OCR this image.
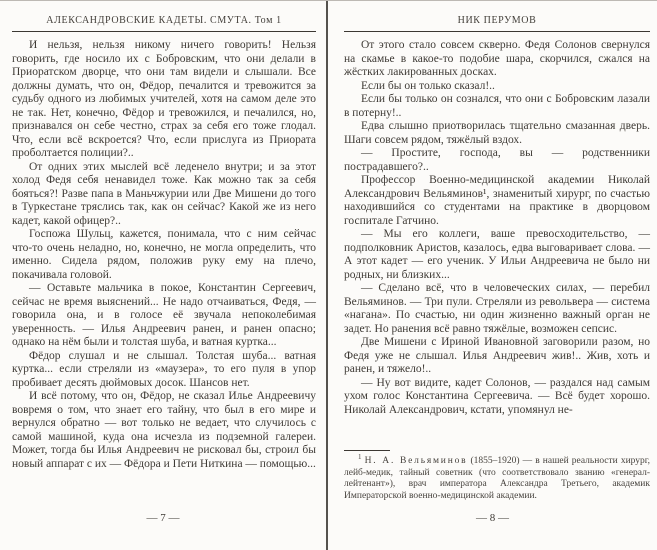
АЛЕКСАНДРОВСКИЕ КАДЕТЫ. СМУТА. Том 1

И нельзя, нельзя никому ничего говорить! Нельзя говорить, где носило их с Бобровским, что они делали в Приоратском дворце, что они там видели и слышали. Все должны думать, что он, Фёдор, печалится и тревожится за судьбу одного из любимых учителей, хотя на самом деле это не так. Нет, конечно, Фёдор и тревожился, и печалился, но, признавался он себе честно, страх за себя его тоже глодал. Что, если всё вскроется? Что, если прислуга из Приората проболтается полиции?..

От одних этих мыслей всё леденело внутри; и за этот холод Федя себя ненавидел тоже. Как можно так за себя бояться?! Разве папа в Маньчжурии или Две Мишени до того в Туркестане тряслись так, как он сейчас? Какой же из него кадет, какой офицер?..

Госпожа Шульц, кажется, понимала, что с ним сейчас что-то очень неладно, но, конечно, не могла определить, что именно. Сидела рядом, положив руку ему на плечо, покачивала головой.

— Оставьте мальчика в покое, Константин Сергеевич, сейчас не время выяснений... Не надо отчаиваться, Федя, — говорила она, и в голосе её звучала непоколебимая уверенность. — Илья Андреевич ранен, и ранен опасно; однако на нём были и толстая шуба, и ватная куртка...

Фёдор слушал и не слышал. Толстая шуба... ватная куртка... если стреляли из «маузера», то его пуля в упор пробивает десять дюймовых досок. Шансов нет.

И всё потому, что он, Фёдор, не сказал Илье Андреевичу вовремя о том, что знает его тайну, что был в его мире и вернулся обратно — вот только не ведает, что случилось с самой машиной, куда она исчезла из подземной галереи. Может, тогда бы Илья Андреевич не рисковал бы, строил бы новый аппарат с их — Фёдора и Пети Ниткина — помощью...

— 7 —
НИК ПЕРУМОВ

От этого стало совсем скверно. Федя Солонов свернулся на скамье в какое-то подобие шара, скорчился, сжался на жёстких лакированных досках.

Если бы он только сказал!..

Если бы только он сознался, что они с Бобровским лазали в потерну!..

Едва слышно приотворилась тщательно смазанная дверь. Шаги совсем рядом, тяжёлый вздох.

— Простите, господа, вы — родственники пострадавшего?..

Профессор Военно-медицинской академии Николай Александрович Вельяминов¹, знаменитый хирург, по счастью находившийся со студентами на практике в дворцовом госпитале Гатчино.

— Мы его коллеги, ваше превосходительство, — подполковник Аристов, казалось, едва выговаривает слова. — А этот кадет — его ученик. У Ильи Андреевича не было ни родных, ни близких...

— Сделано всё, что в человеческих силах, — перебил Вельяминов. — Три пули. Стреляли из револьвера — система «нагана». По счастью, ни один жизненно важный орган не задет. Но ранения всё равно тяжёлые, возможен сепсис.

Две Мишени с Ириной Ивановной заговорили разом, но Федя уже не слышал. Илья Андреевич жив!.. Жив, хоть и ранен, и тяжело!..

— Ну вот видите, кадет Солонов, — раздался над самым ухом голос Константина Сергеевича. — Всё будет хорошо. Николай Александрович, кстати, упомянул не-

$^1$ Н. А. Вельяминов (1855–1920) — в нашей реальности хирург, лейб-медик, тайный советник (что соответствовало званию «генерал-лейтенант»), врач императора Александра Третьего, академик Императорской военно-медицинской академии.

— 8 —
